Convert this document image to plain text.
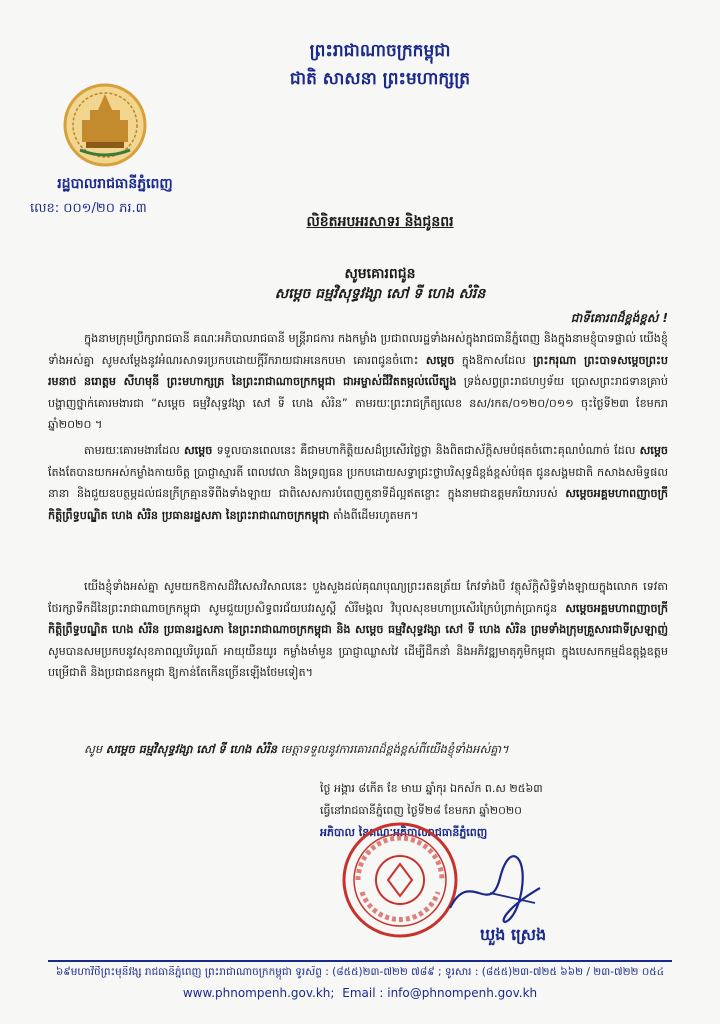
ព្រះរាជាណាចក្រកម្ពុជា
ជាតិ សាសនា ព្រះមហាក្សត្រ
រដ្ឋបាលរាជធានីភ្នំពេញ
លេខ: ០០១/២០ ភរ.៣
លិខិតអបអរសាទរ និងជូនពរ
សូមគោរពជូន
សម្តេច ធម្មវិសុទ្ធវង្សា សៅ ទី ហេង សំរិន
ជាទីគោរពដ៏ខ្ពង់ខ្ពស់ !
ក្នុងនាមក្រុមប្រឹក្សារាជធានី គណៈអភិបាលរាជធានី មន្ត្រីរាជការ កងកម្លាំង ប្រជាពលរដ្ឋទាំងអស់ក្នុងរាជធានីភ្នំពេញ និងក្នុងនាមខ្ញុំបាទផ្ទាល់ យើងខ្ញុំទាំងអស់គ្នា សូមសម្ដែងនូវអំណរសាទរប្រកបដោយក្តីរីករាយជាអនេកបមា គោរពជូនចំពោះ សម្តេច ក្នុងឱកាសដែល ព្រះករុណា ព្រះបាទសម្តេចព្រះបរមនាថ នរោត្តម សីហមុនី ព្រះមហាក្សត្រ នៃព្រះរាជាណាចក្រកម្ពុជា ជាអម្ចាស់ជីវិតតម្កល់លើត្បូង ទ្រង់សព្វព្រះរាជហឫទ័យ ប្រោសព្រះរាជទានគ្រាប់បង្ហាញថ្នាក់គោរមងារជា “សម្តេច ធម្មវិសុទ្ធវង្សា សៅ ទី ហេង សំរិន” តាមរយៈព្រះរាជក្រឹត្យលេខ នស/រកត/០១២០/០១១ ចុះថ្ងៃទី២៣ ខែមករា ឆ្នាំ២០២០ ។
តាមរយៈគោរមងារដែល សម្តេច ទទួលបានពេលនេះ គឺជាមហាកិត្តិយសដ៏ប្រសើរថ្លៃថ្លា និងពិតជាស័ក្តិសមបំផុតចំពោះគុណបំណាច់ ដែល សម្តេច តែងតែបានយកអស់កម្លាំងកាយចិត្ត ប្រាជ្ញាស្មារតី ពេលវេលា និងទ្រព្យធន ប្រកបដោយសទ្ធាជ្រះថ្លាបរិសុទ្ធដ៏ខ្ពង់ខ្ពស់បំផុត ជូនសង្គមជាតិ កសាងសមិទ្ធផលនានា និងជួយឧបត្ថម្ភដល់ជនក្រីក្រគ្មានទីពឹងទាំងឡាយ ជាពិសេសការបំពេញតួនាទីដ៏ល្អឥតខ្ចោះ ក្នុងនាមជាឧត្តមភរិយារបស់ សម្តេចអគ្គមហាពញាចក្រី កិត្តិព្រឹទ្ធបណ្ឌិត ហេង សំរិន ប្រធានរដ្ឋសភា នៃព្រះរាជាណាចក្រកម្ពុជា តាំងពីដើមរហូតមក។
យើងខ្ញុំទាំងអស់គ្នា សូមយកឱកាសដ៏វិសេសវិសាលនេះ បួងសួងដល់គុណបុណ្យព្រះរតនត្រ័យ កែវទាំងបី វត្ថុស័ក្តិសិទ្ធិទាំងឡាយក្នុងលោក ទេវតាថែរក្សាទឹកដីនៃព្រះរាជាណាចក្រកម្ពុជា សូមជួយប្រសិទ្ធពរជ័យបវរសួស្តី សិរីមង្គល វិបុលសុខមហាប្រសើរក្រៃបំព្រាក់ប្រាកជូន សម្តេចអគ្គមហាពញាចក្រី កិត្តិព្រឹទ្ធបណ្ឌិត ហេង សំរិន ប្រធានរដ្ឋសភា នៃព្រះរាជាណាចក្រកម្ពុជា និង សម្តេច ធម្មវិសុទ្ធវង្សា សៅ ទី ហេង សំរិន ព្រមទាំងក្រុមគ្រួសារជាទីស្រឡាញ់ សូមបានសមប្រកបនូវសុខភាពល្អបរិបូរណ៍ អាយុយឺនយូរ កម្លាំងមាំមួន ប្រាជ្ញាឈ្លាសវៃ ដើម្បីដឹកនាំ និងអភិវឌ្ឍមាតុភូមិកម្ពុជា ក្នុងបេសកកម្មដ៏ឧត្តុង្គឧត្តមបម្រើជាតិ និងប្រជាជនកម្ពុជា ឱ្យកាន់តែកើនច្រើនឡើងថែមទៀត។
សូម សម្តេច ធម្មវិសុទ្ធវង្សា សៅ ទី ហេង សំរិន មេត្តាទទួលនូវការគោរពដ៏ខ្ពង់ខ្ពស់ពីយើងខ្ញុំទាំងអស់គ្នា។
ថ្ងៃ អង្គារ ៨កើត ខែ មាឃ ឆ្នាំកុរ ឯកស័ក ព.ស ២៥៦៣
ធ្វើនៅរាជធានីភ្នំពេញ ថ្ងៃទី២៨ ខែមករា ឆ្នាំ២០២០
អភិបាល នៃគណៈអភិបាលរាជធានីភ្នំពេញ
ឃួង ស្រេង
៦៩មហាវិថីព្រះមុនីវង្ស រាជធានីភ្នំពេញ ព្រះរាជាណាចក្រកម្ពុជា ទូរស័ព្ទ : (៨៥៥)២៣-៧២២ ៧៨៩ ; ទូរសារ : (៨៥៥)២៣-៧២៥ ៦៦២ / ២៣-៧២២ ០៥៤
www.phnompenh.gov.kh; Email : info@phnompenh.gov.kh
